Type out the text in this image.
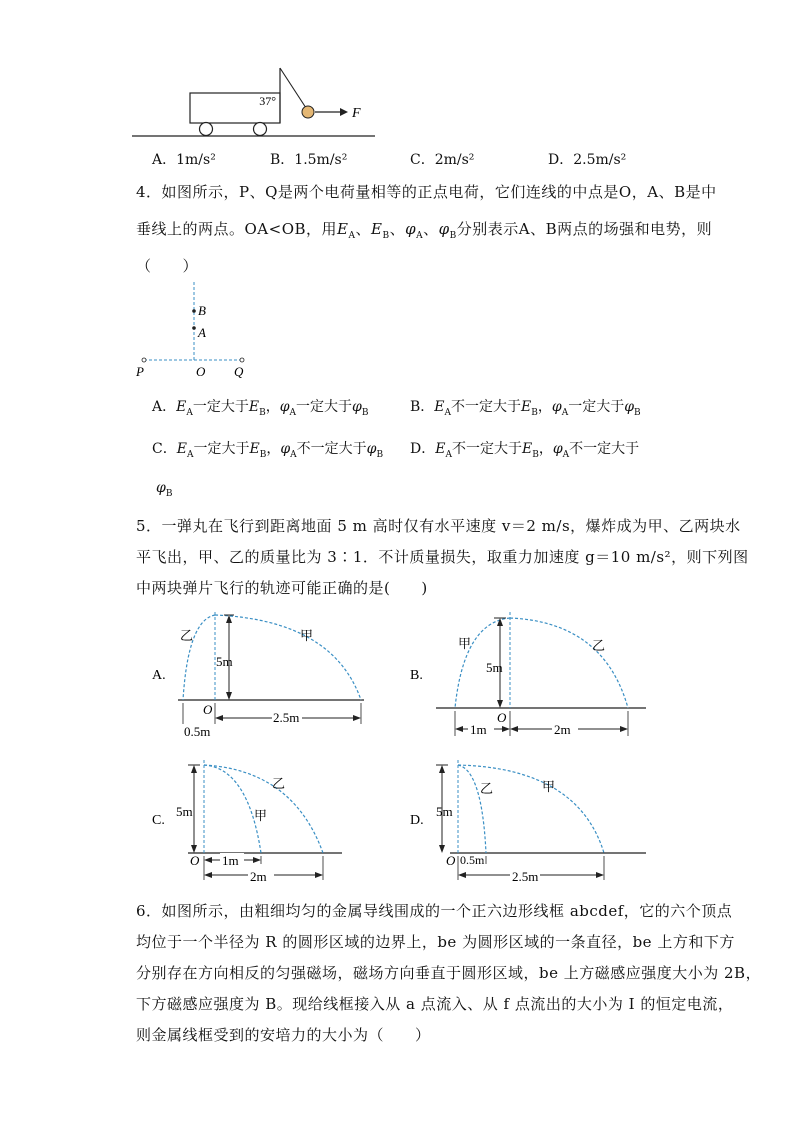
37°
F
A．1m/s²	B．1.5m/s²	C．2m/s²	D．2.5m/s²
4．如图所示，P、Q是两个电荷量相等的正点电荷，它们连线的中点是O，A、B是中
垂线上的两点。OA<OB，用$E_A$、$E_B$、$\varphi_A$、$\varphi_B$分别表示A、B两点的场强和电势，则
（　　）
B
A
P	O Q
A．$E_A$一定大于$E_B$，$\varphi_A$一定大于$\varphi_B$	B．$E_A$不一定大于$E_B$，$\varphi_A$一定大于$\varphi_B$
C．$E_A$一定大于$E_B$，$\varphi_A$不一定大于$\varphi_B$ D．$E_A$不一定大于$E_B$，$\varphi_A$不一定大于
$\varphi_B$
5．一弹丸在飞行到距离地面 5 m 高时仅有水平速度 v＝2 m/s，爆炸成为甲、乙两块水
平飞出，甲、乙的质量比为 3∶1．不计质量损失，取重力加速度 g＝10 m/s²，则下列图
中两块弹片飞行的轨迹可能正确的是(　　)
A.
5m
乙	甲
O
0.5m
2.5m
B.
5m
甲	乙
O
1m	2m
C.
5m
乙
甲
O 1m
2m
D.
5m
乙	甲
O 0.5m
2.5m
6．如图所示，由粗细均匀的金属导线围成的一个正六边形线框 abcdef，它的六个顶点
均位于一个半径为 R 的圆形区域的边界上，be 为圆形区域的一条直径，be 上方和下方
分别存在方向相反的匀强磁场，磁场方向垂直于圆形区域，be 上方磁感应强度大小为 2B，
下方磁感应强度为 B。现给线框接入从 a 点流入、从 f 点流出的大小为 I 的恒定电流，
则金属线框受到的安培力的大小为（　　）
